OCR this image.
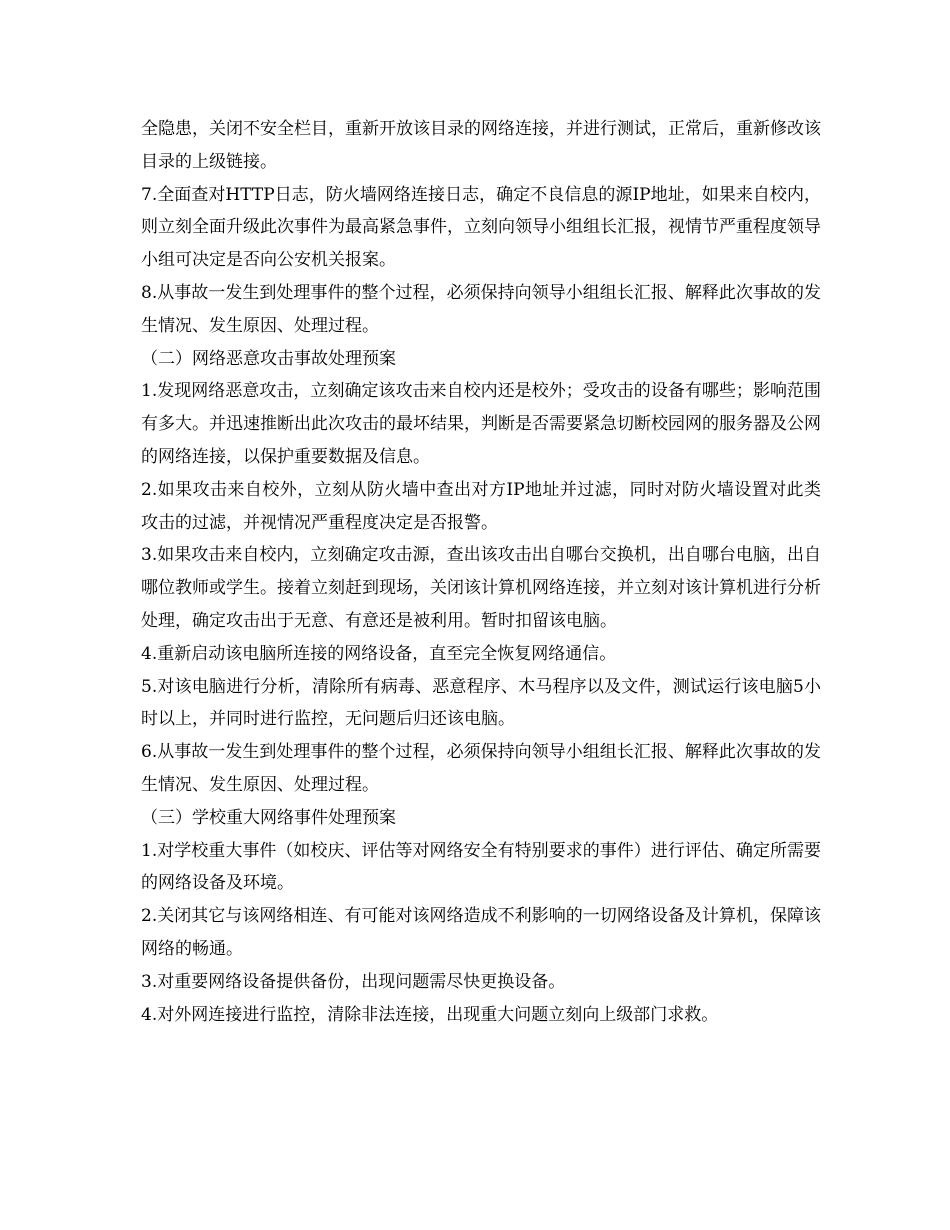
全隐患，关闭不安全栏目，重新开放该目录的网络连接，并进行测试，正常后，重新修改该目录的上级链接。

7.全面查对HTTP日志，防火墙网络连接日志，确定不良信息的源IP地址，如果来自校内，则立刻全面升级此次事件为最高紧急事件，立刻向领导小组组长汇报，视情节严重程度领导小组可决定是否向公安机关报案。

8.从事故一发生到处理事件的整个过程，必须保持向领导小组组长汇报、解释此次事故的发生情况、发生原因、处理过程。

（二）网络恶意攻击事故处理预案

1.发现网络恶意攻击，立刻确定该攻击来自校内还是校外；受攻击的设备有哪些；影响范围有多大。并迅速推断出此次攻击的最坏结果，判断是否需要紧急切断校园网的服务器及公网的网络连接，以保护重要数据及信息。

2.如果攻击来自校外，立刻从防火墙中查出对方IP地址并过滤，同时对防火墙设置对此类攻击的过滤，并视情况严重程度决定是否报警。

3.如果攻击来自校内，立刻确定攻击源，查出该攻击出自哪台交换机，出自哪台电脑，出自哪位教师或学生。接着立刻赶到现场，关闭该计算机网络连接，并立刻对该计算机进行分析处理，确定攻击出于无意、有意还是被利用。暂时扣留该电脑。

4.重新启动该电脑所连接的网络设备，直至完全恢复网络通信。

5.对该电脑进行分析，清除所有病毒、恶意程序、木马程序以及文件，测试运行该电脑5小时以上，并同时进行监控，无问题后归还该电脑。

6.从事故一发生到处理事件的整个过程，必须保持向领导小组组长汇报、解释此次事故的发生情况、发生原因、处理过程。

（三）学校重大网络事件处理预案

1.对学校重大事件（如校庆、评估等对网络安全有特别要求的事件）进行评估、确定所需要的网络设备及环境。

2.关闭其它与该网络相连、有可能对该网络造成不利影响的一切网络设备及计算机，保障该网络的畅通。

3.对重要网络设备提供备份，出现问题需尽快更换设备。

4.对外网连接进行监控，清除非法连接，出现重大问题立刻向上级部门求救。
